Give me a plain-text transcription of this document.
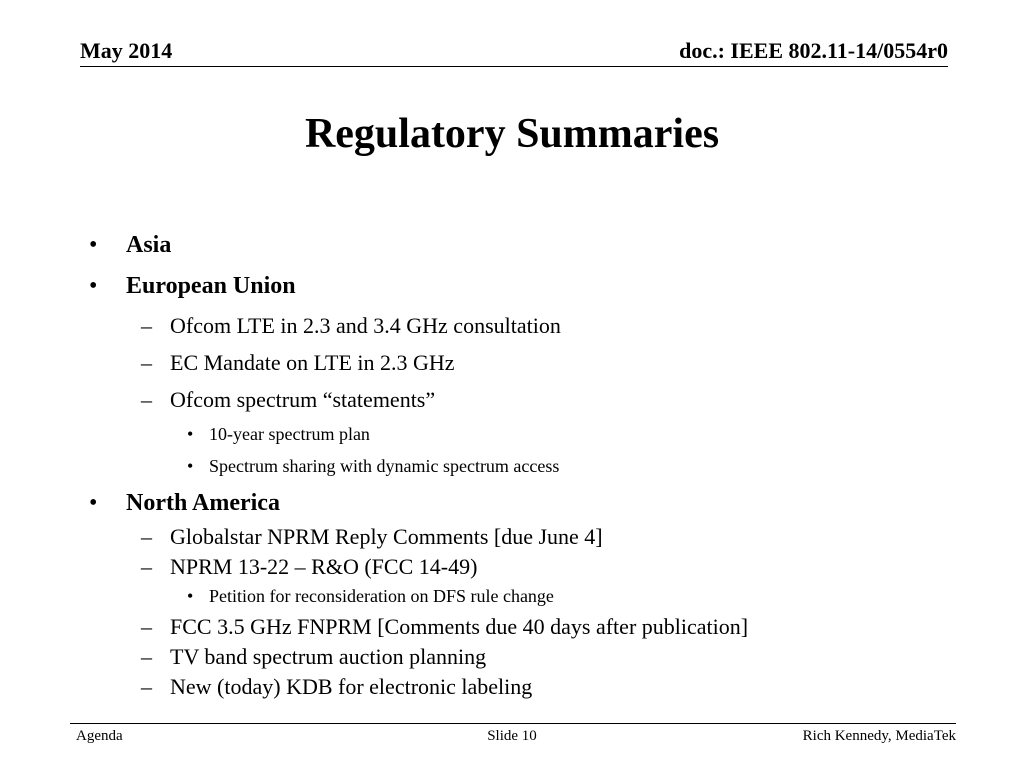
May 2014	doc.: IEEE 802.11-14/0554r0
Regulatory Summaries
• Asia
• European Union
– Ofcom LTE in 2.3 and 3.4 GHz consultation
– EC Mandate on LTE in 2.3 GHz
– Ofcom spectrum “statements”
• 10-year spectrum plan
• Spectrum sharing with dynamic spectrum access
• North America
– Globalstar NPRM Reply Comments [due June 4]
– NPRM 13-22 – R&O (FCC 14-49)
• Petition for reconsideration on DFS rule change
– FCC 3.5 GHz FNPRM [Comments due 40 days after publication]
– TV band spectrum auction planning
– New (today) KDB for electronic labeling
Agenda	Slide 10	Rich Kennedy, MediaTek
